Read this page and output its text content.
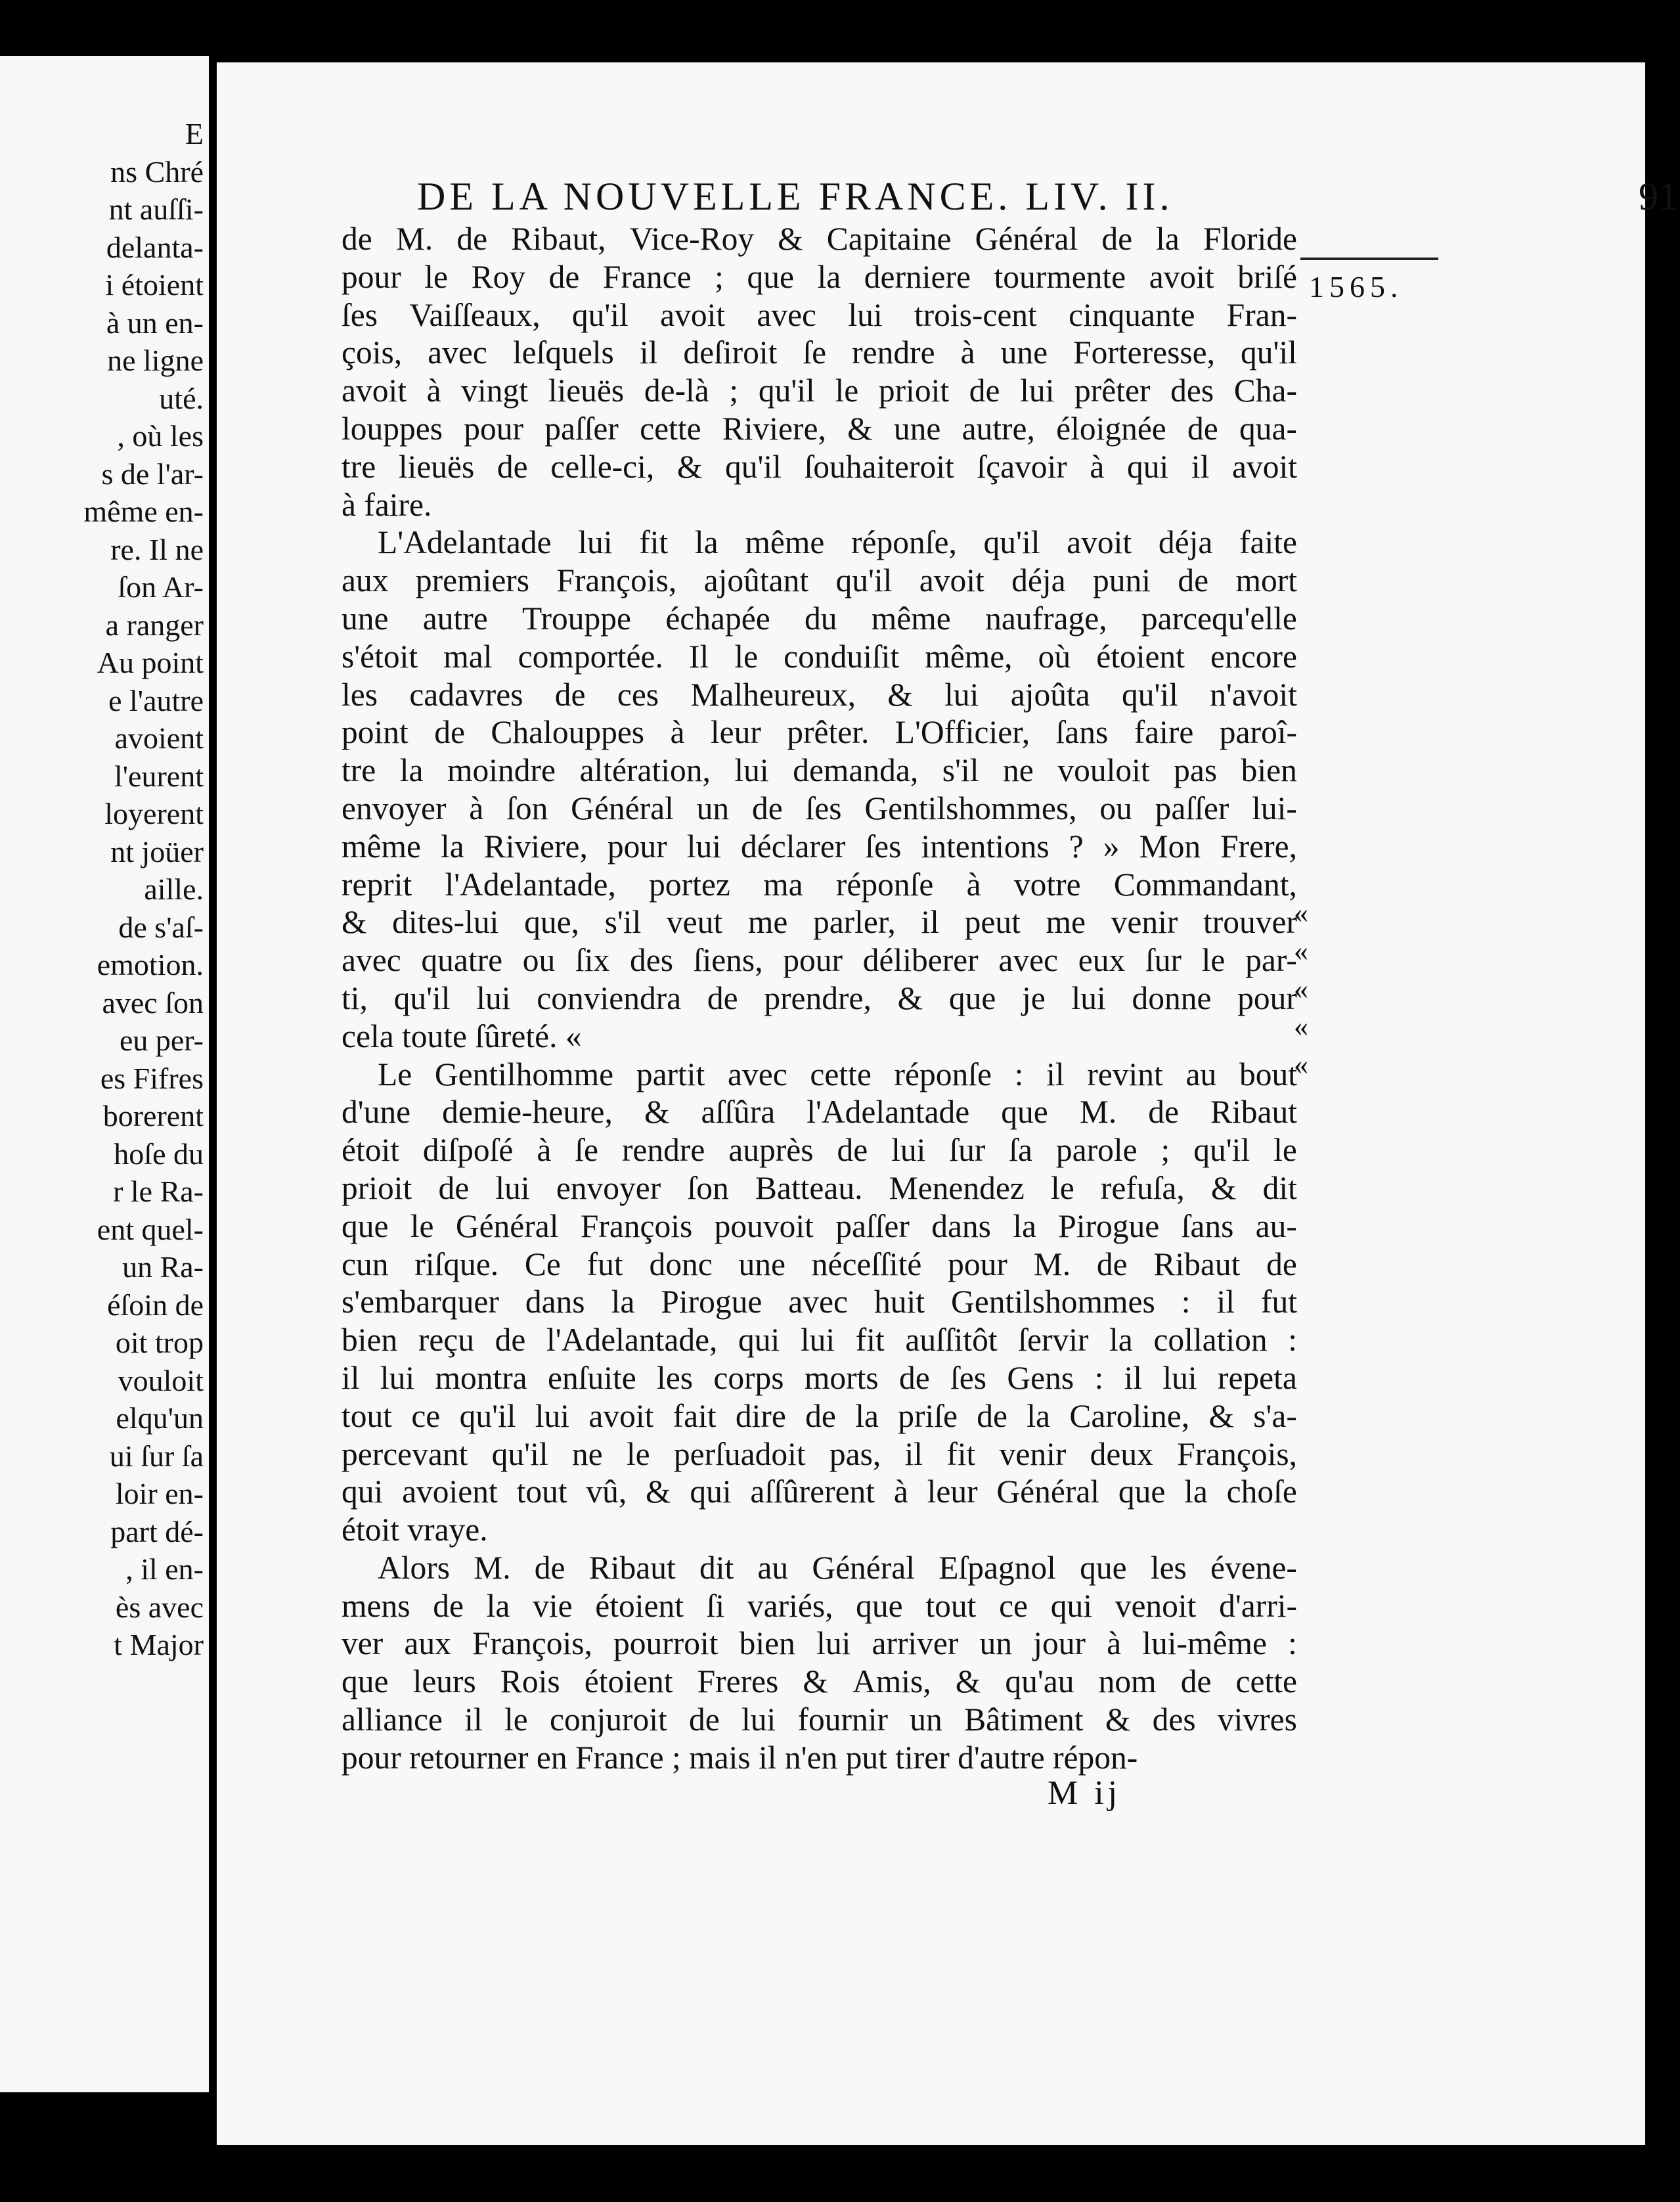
E
ns Chré
nt auſſi-
delanta-
i étoient
à un en-
ne ligne
uté.
, où les
s de l'ar-
même en-
re. Il ne
ſon Ar-
a ranger
Au point
e l'autre
avoient
l'eurent
loyerent
nt joüer
aille.
de s'aſ-
emotion.
avec ſon
eu per-
es Fifres
borerent
hoſe du
r le Ra-
ent quel-
un Ra-
éſoin de
oit trop
vouloit
elqu'un
ui ſur ſa
loir en-
part dé-
, il en-
ès avec
t Major
DE LA NOUVELLE FRANCE. LIV. II.	91
1565.
de M. de Ribaut, Vice-Roy & Capitaine Général de la Floride
pour le Roy de France ; que la derniere tourmente avoit briſé
ſes Vaiſſeaux, qu'il avoit avec lui trois-cent cinquante Fran-
çois, avec leſquels il deſiroit ſe rendre à une Forteresse, qu'il
avoit à vingt lieuës de-là ; qu'il le prioit de lui prêter des Cha-
louppes pour paſſer cette Riviere, & une autre, éloignée de qua-
tre lieuës de celle-ci, & qu'il ſouhaiteroit ſçavoir à qui il avoit
à faire.
L'Adelantade lui fit la même réponſe, qu'il avoit déja faite
aux premiers François, ajoûtant qu'il avoit déja puni de mort
une autre Trouppe échapée du même naufrage, parcequ'elle
s'étoit mal comportée. Il le conduiſit même, où étoient encore
les cadavres de ces Malheureux, & lui ajoûta qu'il n'avoit
point de Chalouppes à leur prêter. L'Officier, ſans faire paroî-
tre la moindre altération, lui demanda, s'il ne vouloit pas bien
envoyer à ſon Général un de ſes Gentilshommes, ou paſſer lui-
même la Riviere, pour lui déclarer ſes intentions ? » Mon Frere,
reprit l'Adelantade, portez ma réponſe à votre Commandant,
& dites-lui que, s'il veut me parler, il peut me venir trouver
avec quatre ou ſix des ſiens, pour déliberer avec eux ſur le par-
ti, qu'il lui conviendra de prendre, & que je lui donne pour
cela toute ſûreté. «
Le Gentilhomme partit avec cette réponſe : il revint au bout
d'une demie-heure, & aſſûra l'Adelantade que M. de Ribaut
étoit diſpoſé à ſe rendre auprès de lui ſur ſa parole ; qu'il le
prioit de lui envoyer ſon Batteau. Menendez le refuſa, & dit
que le Général François pouvoit paſſer dans la Pirogue ſans au-
cun riſque. Ce fut donc une néceſſité pour M. de Ribaut de
s'embarquer dans la Pirogue avec huit Gentilshommes : il fut
bien reçu de l'Adelantade, qui lui fit auſſitôt ſervir la collation :
il lui montra enſuite les corps morts de ſes Gens : il lui repeta
tout ce qu'il lui avoit fait dire de la priſe de la Caroline, & s'a-
percevant qu'il ne le perſuadoit pas, il fit venir deux François,
qui avoient tout vû, & qui aſſûrerent à leur Général que la choſe
étoit vraye.
Alors M. de Ribaut dit au Général Eſpagnol que les évene-
mens de la vie étoient ſi variés, que tout ce qui venoit d'arri-
ver aux François, pourroit bien lui arriver un jour à lui-même :
que leurs Rois étoient Freres & Amis, & qu'au nom de cette
alliance il le conjuroit de lui fournir un Bâtiment & des vivres
pour retourner en France ; mais il n'en put tirer d'autre répon-
«
«
«
«
«
M ij
